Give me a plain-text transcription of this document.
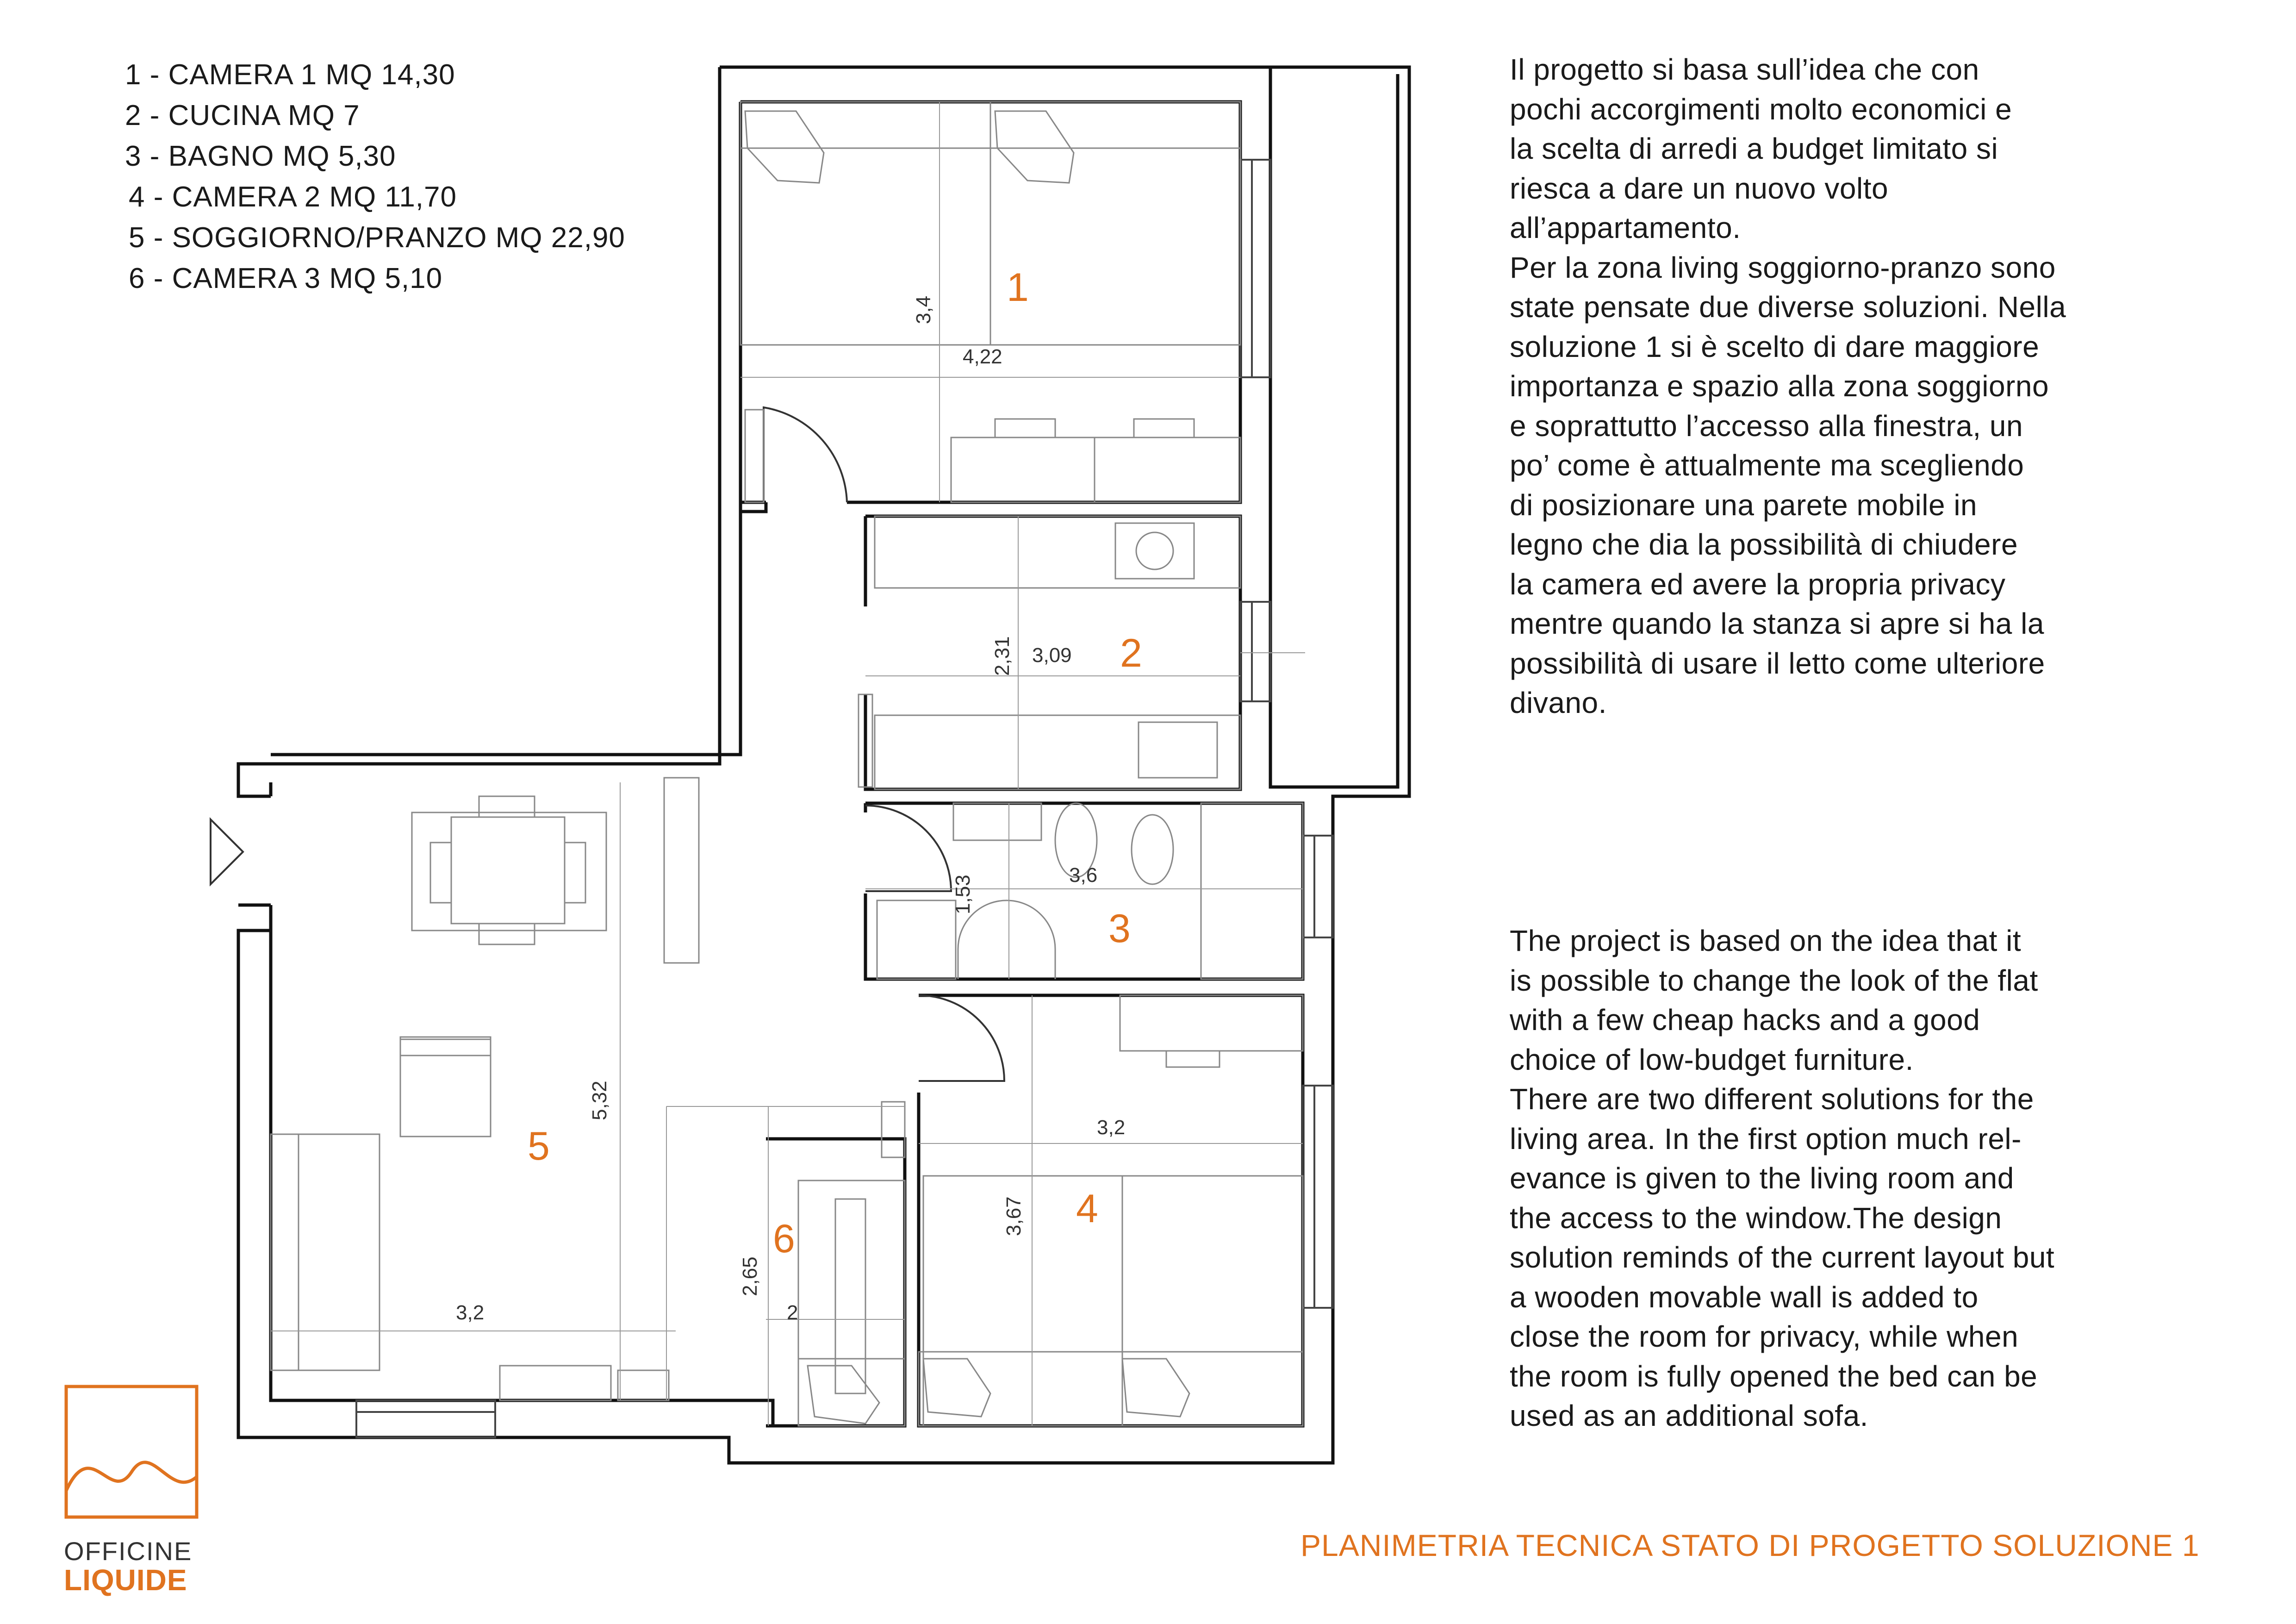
1 - CAMERA 1 MQ 14,30
2 - CUCINA MQ 7
3 - BAGNO MQ 5,30
4 - CAMERA 2 MQ 11,70
5 - SOGGIORNO/PRANZO MQ 22,90
6 - CAMERA 3 MQ 5,10
3,4
4,22
2,31 3,09
1,53	3,6
3,67
3,2
5,32
3,2
2,65
2
1
2
3
4
5
6
Il progetto si basa sull’idea che con
pochi accorgimenti molto economici e
la scelta di arredi a budget limitato si
riesca a dare un nuovo volto
all’appartamento.
Per la zona living soggiorno-pranzo sono
state pensate due diverse soluzioni. Nella
soluzione 1 si è scelto di dare maggiore
importanza e spazio alla zona soggiorno
e soprattutto l’accesso alla finestra, un
po’ come è attualmente ma scegliendo
di posizionare una parete mobile in
legno che dia la possibilità di chiudere
la camera ed avere la propria privacy
mentre quando la stanza si apre si ha la
possibilità di usare il letto come ulteriore
divano.
The project is based on the idea that it
is possible to change the look of the flat
with a few cheap hacks and a good
choice of low-budget furniture.
There are two different solutions for the
living area. In the first option much rel-
evance is given to the living room and
the access to the window.The design
solution reminds of the current layout but
a wooden movable wall is added to
close the room for privacy, while when
the room is fully opened the bed can be
used as an additional sofa.
OFFICINE
LIQUIDE
PLANIMETRIA TECNICA STATO DI PROGETTO SOLUZIONE 1
